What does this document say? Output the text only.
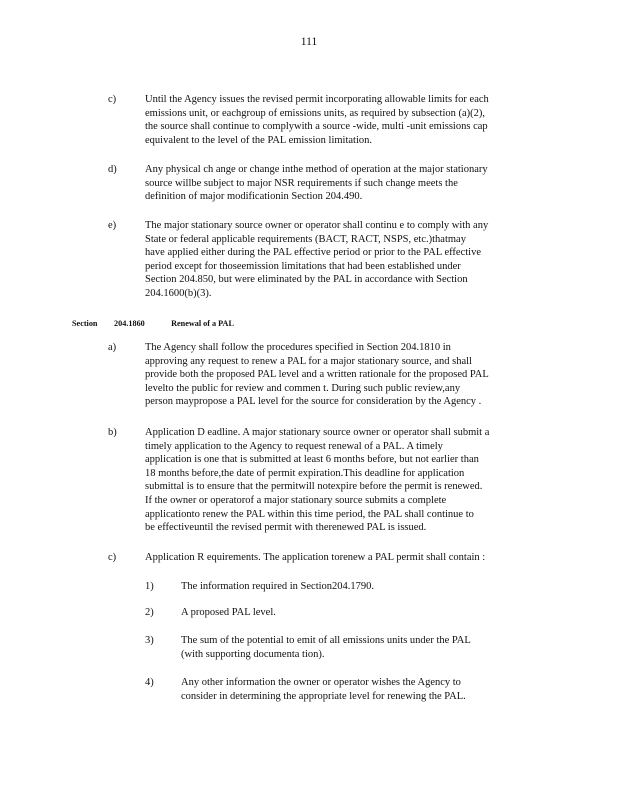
111
c)	Until the Agency issues the revised permit incorporating allowable limits for each
emissions unit, or eachgroup of emissions units, as required by subsection (a)(2),
the source shall continue to complywith a source -wide, multi -unit emissions cap
equivalent to the level of the PAL emission limitation.
d)	Any physical ch ange or change inthe method of operation at the major stationary
source willbe subject to major NSR requirements if such change meets the
definition of major modificationin Section 204.490.
e)	The major stationary source owner or operator shall continu e to comply with any
State or federal applicable requirements (BACT, RACT, NSPS, etc.)thatmay
have applied either during the PAL effective period or prior to the PAL effective
period except for thoseemission limitations that had been established under
Section 204.850, but were eliminated by the PAL in accordance with Section
204.1600(b)(3).
Section 204.1860	Renewal of a PAL
a)	The Agency shall follow the procedures specified in Section 204.1810 in
approving any request to renew a PAL for a major stationary source, and shall
provide both the proposed PAL level and a written rationale for the proposed PAL
levelto the public for review and commen t. During such public review,any
person maypropose a PAL level for the source for consideration by the Agency .
b)	Application D eadline. A major stationary source owner or operator shall submit a
timely application to the Agency to request renewal of a PAL. A timely
application is one that is submitted at least 6 months before, but not earlier than
18 months before,the date of permit expiration.This deadline for application
submittal is to ensure that the permitwill notexpire before the permit is renewed.
If the owner or operatorof a major stationary source submits a complete
applicationto renew the PAL within this time period, the PAL shall continue to
be effectiveuntil the revised permit with therenewed PAL is issued.
c)	Application R equirements. The application torenew a PAL permit shall contain :
1)	The information required in Section204.1790.
2)	A proposed PAL level.
3)	The sum of the potential to emit of all emissions units under the PAL
(with supporting documenta tion).
4)	Any other information the owner or operator wishes the Agency to
consider in determining the appropriate level for renewing the PAL.
